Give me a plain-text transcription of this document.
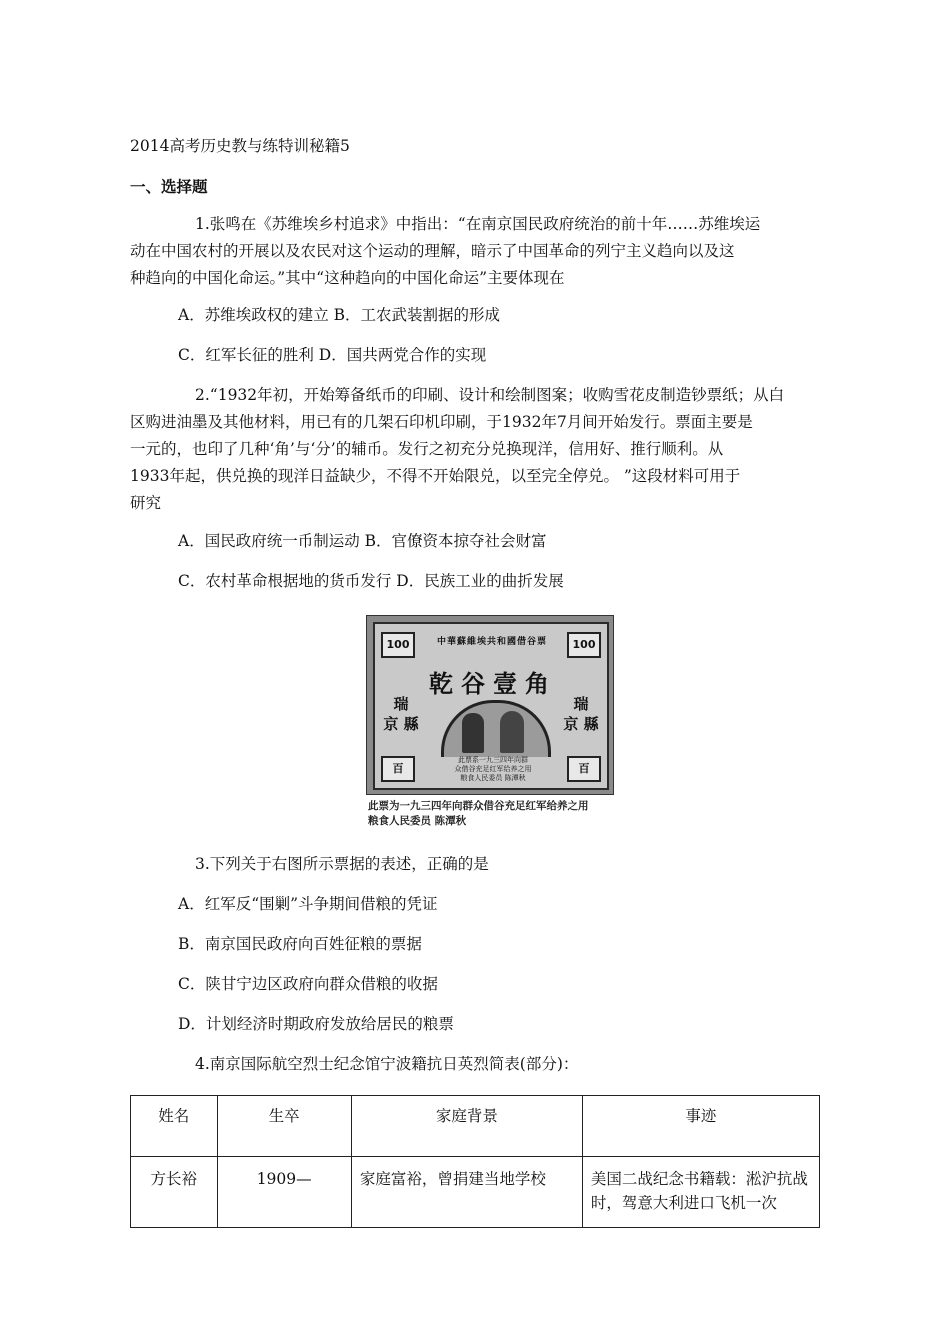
2014高考历史教与练特训秘籍5
一、选择题
1.张鸣在《苏维埃乡村追求》中指出：“在南京国民政府统治的前十年……苏维埃运
动在中国农村的开展以及农民对这个运动的理解，暗示了中国革命的列宁主义趋向以及这
种趋向的中国化命运。”其中“这种趋向的中国化命运”主要体现在
A．苏维埃政权的建立 B．工农武装割据的形成
C．红军长征的胜利 D．国共两党合作的实现
2.“1932年初，开始筹备纸币的印刷、设计和绘制图案；收购雪花皮制造钞票纸；从白
区购进油墨及其他材料，用已有的几架石印机印刷，于1932年7月间开始发行。票面主要是
一元的，也印了几种‘角’与‘分’的辅币。发行之初充分兑换现洋，信用好、推行顺利。从
1933年起，供兑换的现洋日益缺少，不得不开始限兑，以至完全停兑。 ”这段材料可用于
研究
A．国民政府统一币制运动 B．官僚资本掠夺社会财富
C．农村革命根据地的货币发行 D．民族工业的曲折发展
100	100
中華蘇維埃共和國借谷票
乾谷壹角
瑞
京 縣
瑞
京 縣
此票系一九三四年向群
众借谷充足红军给养之用
粮食人民委员 陈潭秋
百	百
此票为一九三四年向群众借谷充足红军给养之用
粮食人民委员 陈潭秋
3.下列关于右图所示票据的表述，正确的是
A．红军反“围剿”斗争期间借粮的凭证
B．南京国民政府向百姓征粮的票据
C．陕甘宁边区政府向群众借粮的收据
D．计划经济时期政府发放给居民的粮票
4.南京国际航空烈士纪念馆宁波籍抗日英烈简表(部分)：
姓名	生卒	家庭背景	事迹
方长裕	1909—	家庭富裕，曾捐建当地学校	美国二战纪念书籍载：淞沪抗战时，驾意大利进口飞机一次
